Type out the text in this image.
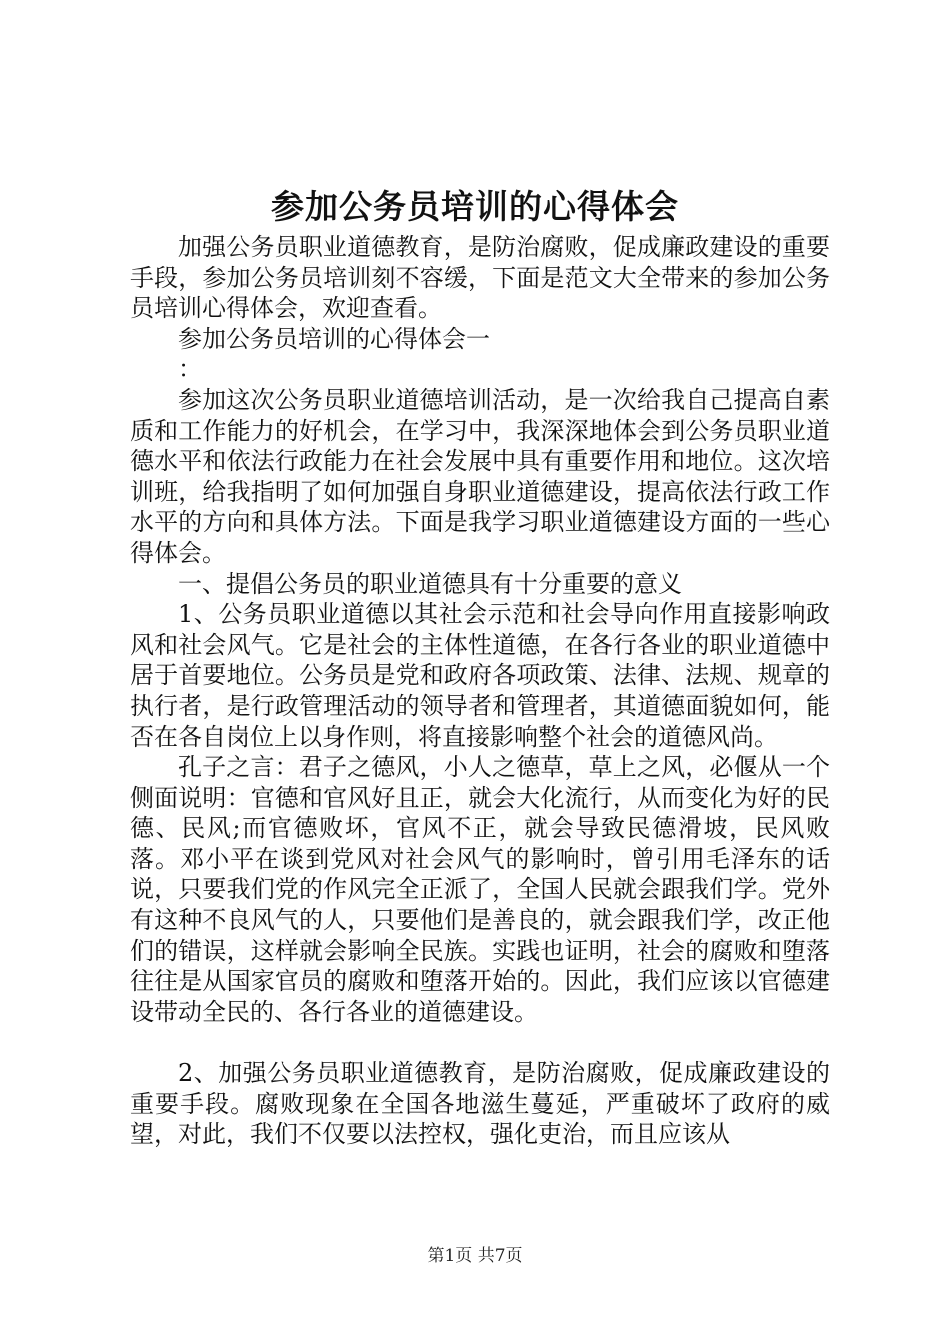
参加公务员培训的心得体会

加强公务员职业道德教育，是防治腐败，促成廉政建设的重要手段，参加公务员培训刻不容缓，下面是范文大全带来的参加公务员培训心得体会，欢迎查看。

参加公务员培训的心得体会一

：

参加这次公务员职业道德培训活动，是一次给我自己提高自素质和工作能力的好机会，在学习中，我深深地体会到公务员职业道德水平和依法行政能力在社会发展中具有重要作用和地位。这次培训班，给我指明了如何加强自身职业道德建设，提高依法行政工作水平的方向和具体方法。下面是我学习职业道德建设方面的一些心得体会。

一、提倡公务员的职业道德具有十分重要的意义

1、公务员职业道德以其社会示范和社会导向作用直接影响政风和社会风气。它是社会的主体性道德，在各行各业的职业道德中居于首要地位。公务员是党和政府各项政策、法律、法规、规章的执行者，是行政管理活动的领导者和管理者，其道德面貌如何，能否在各自岗位上以身作则，将直接影响整个社会的道德风尚。

孔子之言：君子之德风，小人之德草，草上之风，必偃从一个侧面说明：官德和官风好且正，就会大化流行，从而变化为好的民德、民风;而官德败坏，官风不正，就会导致民德滑坡，民风败落。邓小平在谈到党风对社会风气的影响时，曾引用毛泽东的话说，只要我们党的作风完全正派了，全国人民就会跟我们学。党外有这种不良风气的人，只要他们是善良的，就会跟我们学，改正他们的错误，这样就会影响全民族。实践也证明，社会的腐败和堕落往往是从国家官员的腐败和堕落开始的。因此，我们应该以官德建设带动全民的、各行各业的道德建设。

2、加强公务员职业道德教育，是防治腐败，促成廉政建设的重要手段。腐败现象在全国各地滋生蔓延，严重破坏了政府的威望，对此，我们不仅要以法控权，强化吏治，而且应该从

第1页 共7页
